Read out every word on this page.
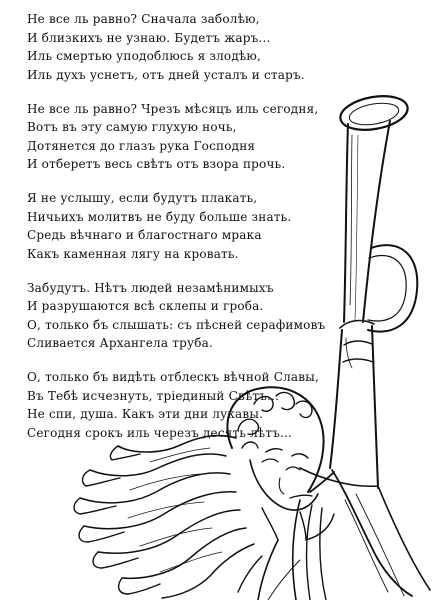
Не все ль равно? Сначала заболѣю,
И близкихъ не узнаю. Будетъ жаръ...
Иль смертью уподоблюсь я злодѣю,
Иль духъ уснетъ, отъ дней усталъ и старъ.
Не все ль равно? Чрезъ мѣсяцъ иль сегодня,
Вотъ въ эту самую глухую ночь,
Дотянется до глазъ рука Господня
И отберетъ весь свѣтъ отъ взора прочь.
Я не услышу, если будутъ плакать,
Ничьихъ молитвъ не буду больше знать.
Средь вѣчнаго и благостнаго мрака
Какъ каменная лягу на кровать.
Забудутъ. Нѣтъ людей незамѣнимыхъ
И разрушаются всѣ склепы и гроба.
О, только бъ слышать: съ пѣсней серафимовъ
Сливается Архангела труба.
О, только бъ видѣть отблескъ вѣчной Славы,
Въ Тебѣ исчезнуть, тріединый Свѣтъ...
Не спи, душа. Какъ эти дни лукавы.
Сегодня срокъ иль черезъ десять лѣтъ...
